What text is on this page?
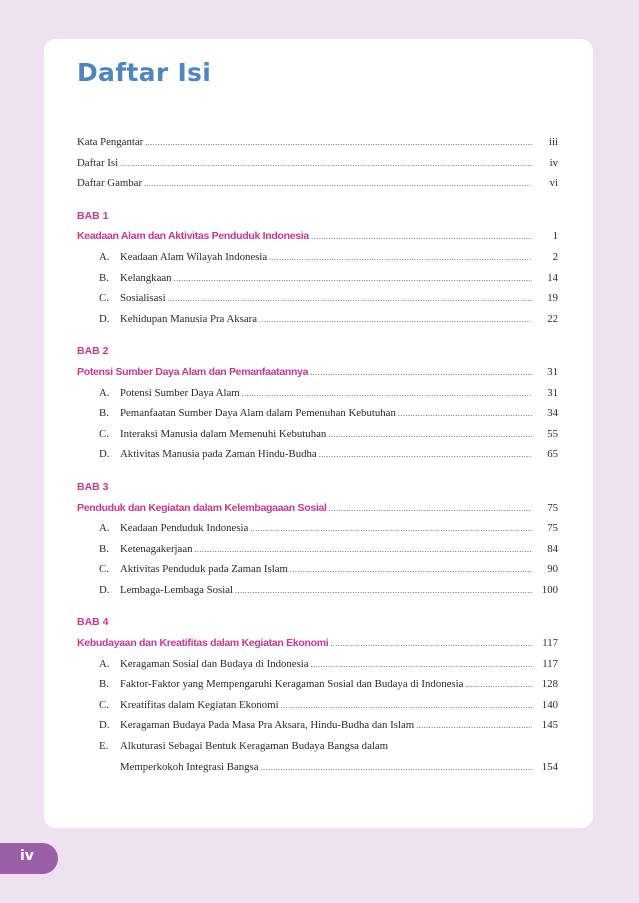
Daftar Isi
Kata Pengantar .....	iii
Daftar Isi .....	iv
Daftar Gambar .....	vi
BAB 1
Keadaan Alam dan Aktivitas Penduduk Indonesia .....	1
A. Keadaan Alam Wilayah Indonesia .....	2
B.	Kelangkaan .....	14
C.	Sosialisasi .....	19
D. Kehidupan Manusia Pra Aksara .....	22
BAB 2
Potensi Sumber Daya Alam dan Pemanfaatannya .....	31
A. Potensi Sumber Daya Alam .....	31
B.	Pemanfaatan Sumber Daya Alam dalam Pemenuhan Kebutuhan .....	34
C.	Interaksi Manusia dalam Memenuhi Kebutuhan .....	55
D. Aktivitas Manusia pada Zaman Hindu-Budha .....	65
BAB 3
Penduduk dan Kegiatan dalam Kelembagaaan Sosial .....	75
A. Keadaan Penduduk Indonesia .....	75
B.	Ketenagakerjaan .....	84
C.	Aktivitas Penduduk pada Zaman Islam .....	90
D. Lembaga-Lembaga Sosial .....	100
BAB 4
Kebudayaan dan Kreatifitas dalam Kegiatan Ekonomi .....	117
A. Keragaman Sosial dan Budaya di Indonesia .....	117
B.	Faktor-Faktor yang Mempengaruhi Keragaman Sosial dan Budaya di Indonesia .....	128
C.	Kreatifitas dalam Kegiatan Ekonomi .....	140
D. Keragaman Budaya Pada Masa Pra Aksara, Hindu-Budha dan Islam .....	145
E.	Alkuturasi Sebagai Bentuk Keragaman Budaya Bangsa dalam
Memperkokoh Integrasi Bangsa .....	154
iv
